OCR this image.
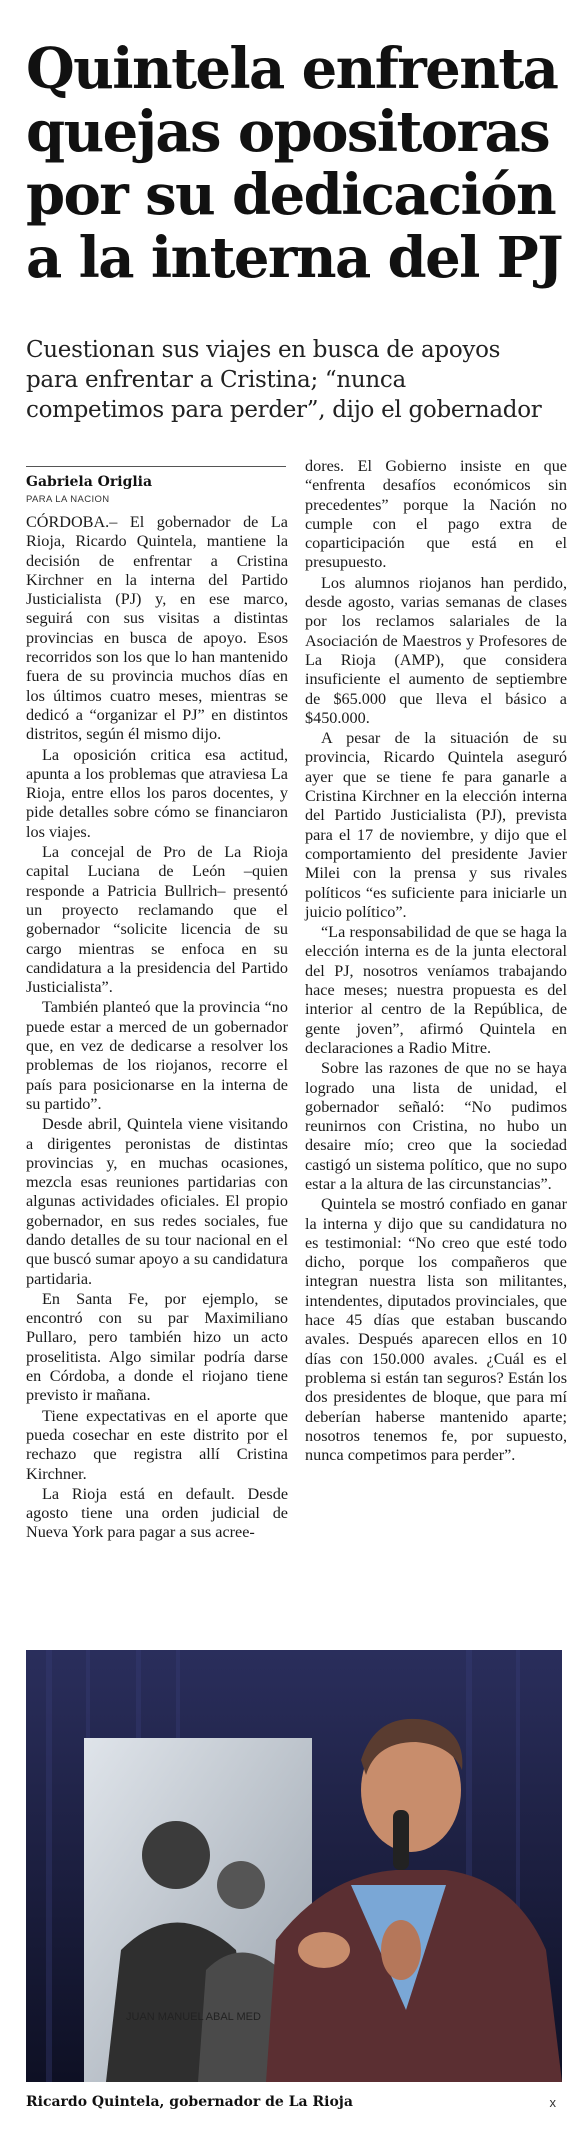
Quintela enfrenta
quejas opositoras
por su dedicación
a la interna del PJ
Cuestionan sus viajes en busca de apoyos
para enfrentar a Cristina; “nunca
competimos para perder”, dijo el gobernador
Gabriela Origlia
PARA LA NACION

CÓRDOBA.– El gobernador de La Rioja, Ricardo Quintela, mantiene la decisión de enfrentar a Cristina Kirchner en la interna del Partido Justicialista (PJ) y, en ese marco, seguirá con sus visitas a distintas provincias en busca de apoyo. Esos recorridos son los que lo han mantenido fuera de su provincia muchos días en los últimos cuatro meses, mientras se dedicó a “organizar el PJ” en distintos distritos, según él mismo dijo.

La oposición critica esa actitud, apunta a los problemas que atraviesa La Rioja, entre ellos los paros docentes, y pide detalles sobre cómo se financiaron los viajes.

La concejal de Pro de La Rioja capital Luciana de León –quien responde a Patricia Bullrich– presentó un proyecto reclamando que el gobernador “solicite licencia de su cargo mientras se enfoca en su candidatura a la presidencia del Partido Justicialista”.

También planteó que la provincia “no puede estar a merced de un gobernador que, en vez de dedicarse a resolver los problemas de los riojanos, recorre el país para posicionarse en la interna de su partido”.

Desde abril, Quintela viene visitando a dirigentes peronistas de distintas provincias y, en muchas ocasiones, mezcla esas reuniones partidarias con algunas actividades oficiales. El propio gobernador, en sus redes sociales, fue dando detalles de su tour nacional en el que buscó sumar apoyo a su candidatura partidaria.

En Santa Fe, por ejemplo, se encontró con su par Maximiliano Pullaro, pero también hizo un acto proselitista. Algo similar podría darse en Córdoba, a donde el riojano tiene previsto ir mañana.

Tiene expectativas en el aporte que pueda cosechar en este distrito por el rechazo que registra allí Cristina Kirchner.

La Rioja está en default. Desde agosto tiene una orden judicial de Nueva York para pagar a sus acree-

dores. El Gobierno insiste en que “enfrenta desafíos económicos sin precedentes” porque la Nación no cumple con el pago extra de coparticipación que está en el presupuesto.

Los alumnos riojanos han perdido, desde agosto, varias semanas de clases por los reclamos salariales de la Asociación de Maestros y Profesores de La Rioja (AMP), que considera insuficiente el aumento de septiembre de $65.000 que lleva el básico a $450.000.

A pesar de la situación de su provincia, Ricardo Quintela aseguró ayer que se tiene fe para ganarle a Cristina Kirchner en la elección interna del Partido Justicialista (PJ), prevista para el 17 de noviembre, y dijo que el comportamiento del presidente Javier Milei con la prensa y sus rivales políticos “es suficiente para iniciarle un juicio político”.

“La responsabilidad de que se haga la elección interna es de la junta electoral del PJ, nosotros veníamos trabajando hace meses; nuestra propuesta es del interior al centro de la República, de gente joven”, afirmó Quintela en declaraciones a Radio Mitre.

Sobre las razones de que no se haya logrado una lista de unidad, el gobernador señaló: “No pudimos reunirnos con Cristina, no hubo un desaire mío; creo que la sociedad castigó un sistema político, que no supo estar a la altura de las circunstancias”.

Quintela se mostró confiado en ganar la interna y dijo que su candidatura no es testimonial: “No creo que esté todo dicho, porque los compañeros que integran nuestra lista son militantes, intendentes, diputados provinciales, que hace 45 días que estaban buscando avales. Después aparecen ellos en 10 días con 150.000 avales. ¿Cuál es el problema si están tan seguros? Están los dos presidentes de bloque, que para mí deberían haberse mantenido aparte; nosotros tenemos fe, por supuesto, nunca competimos para perder”.

JUAN MANUEL ABAL MED
Ricardo Quintela, gobernador de La Rioja	x
